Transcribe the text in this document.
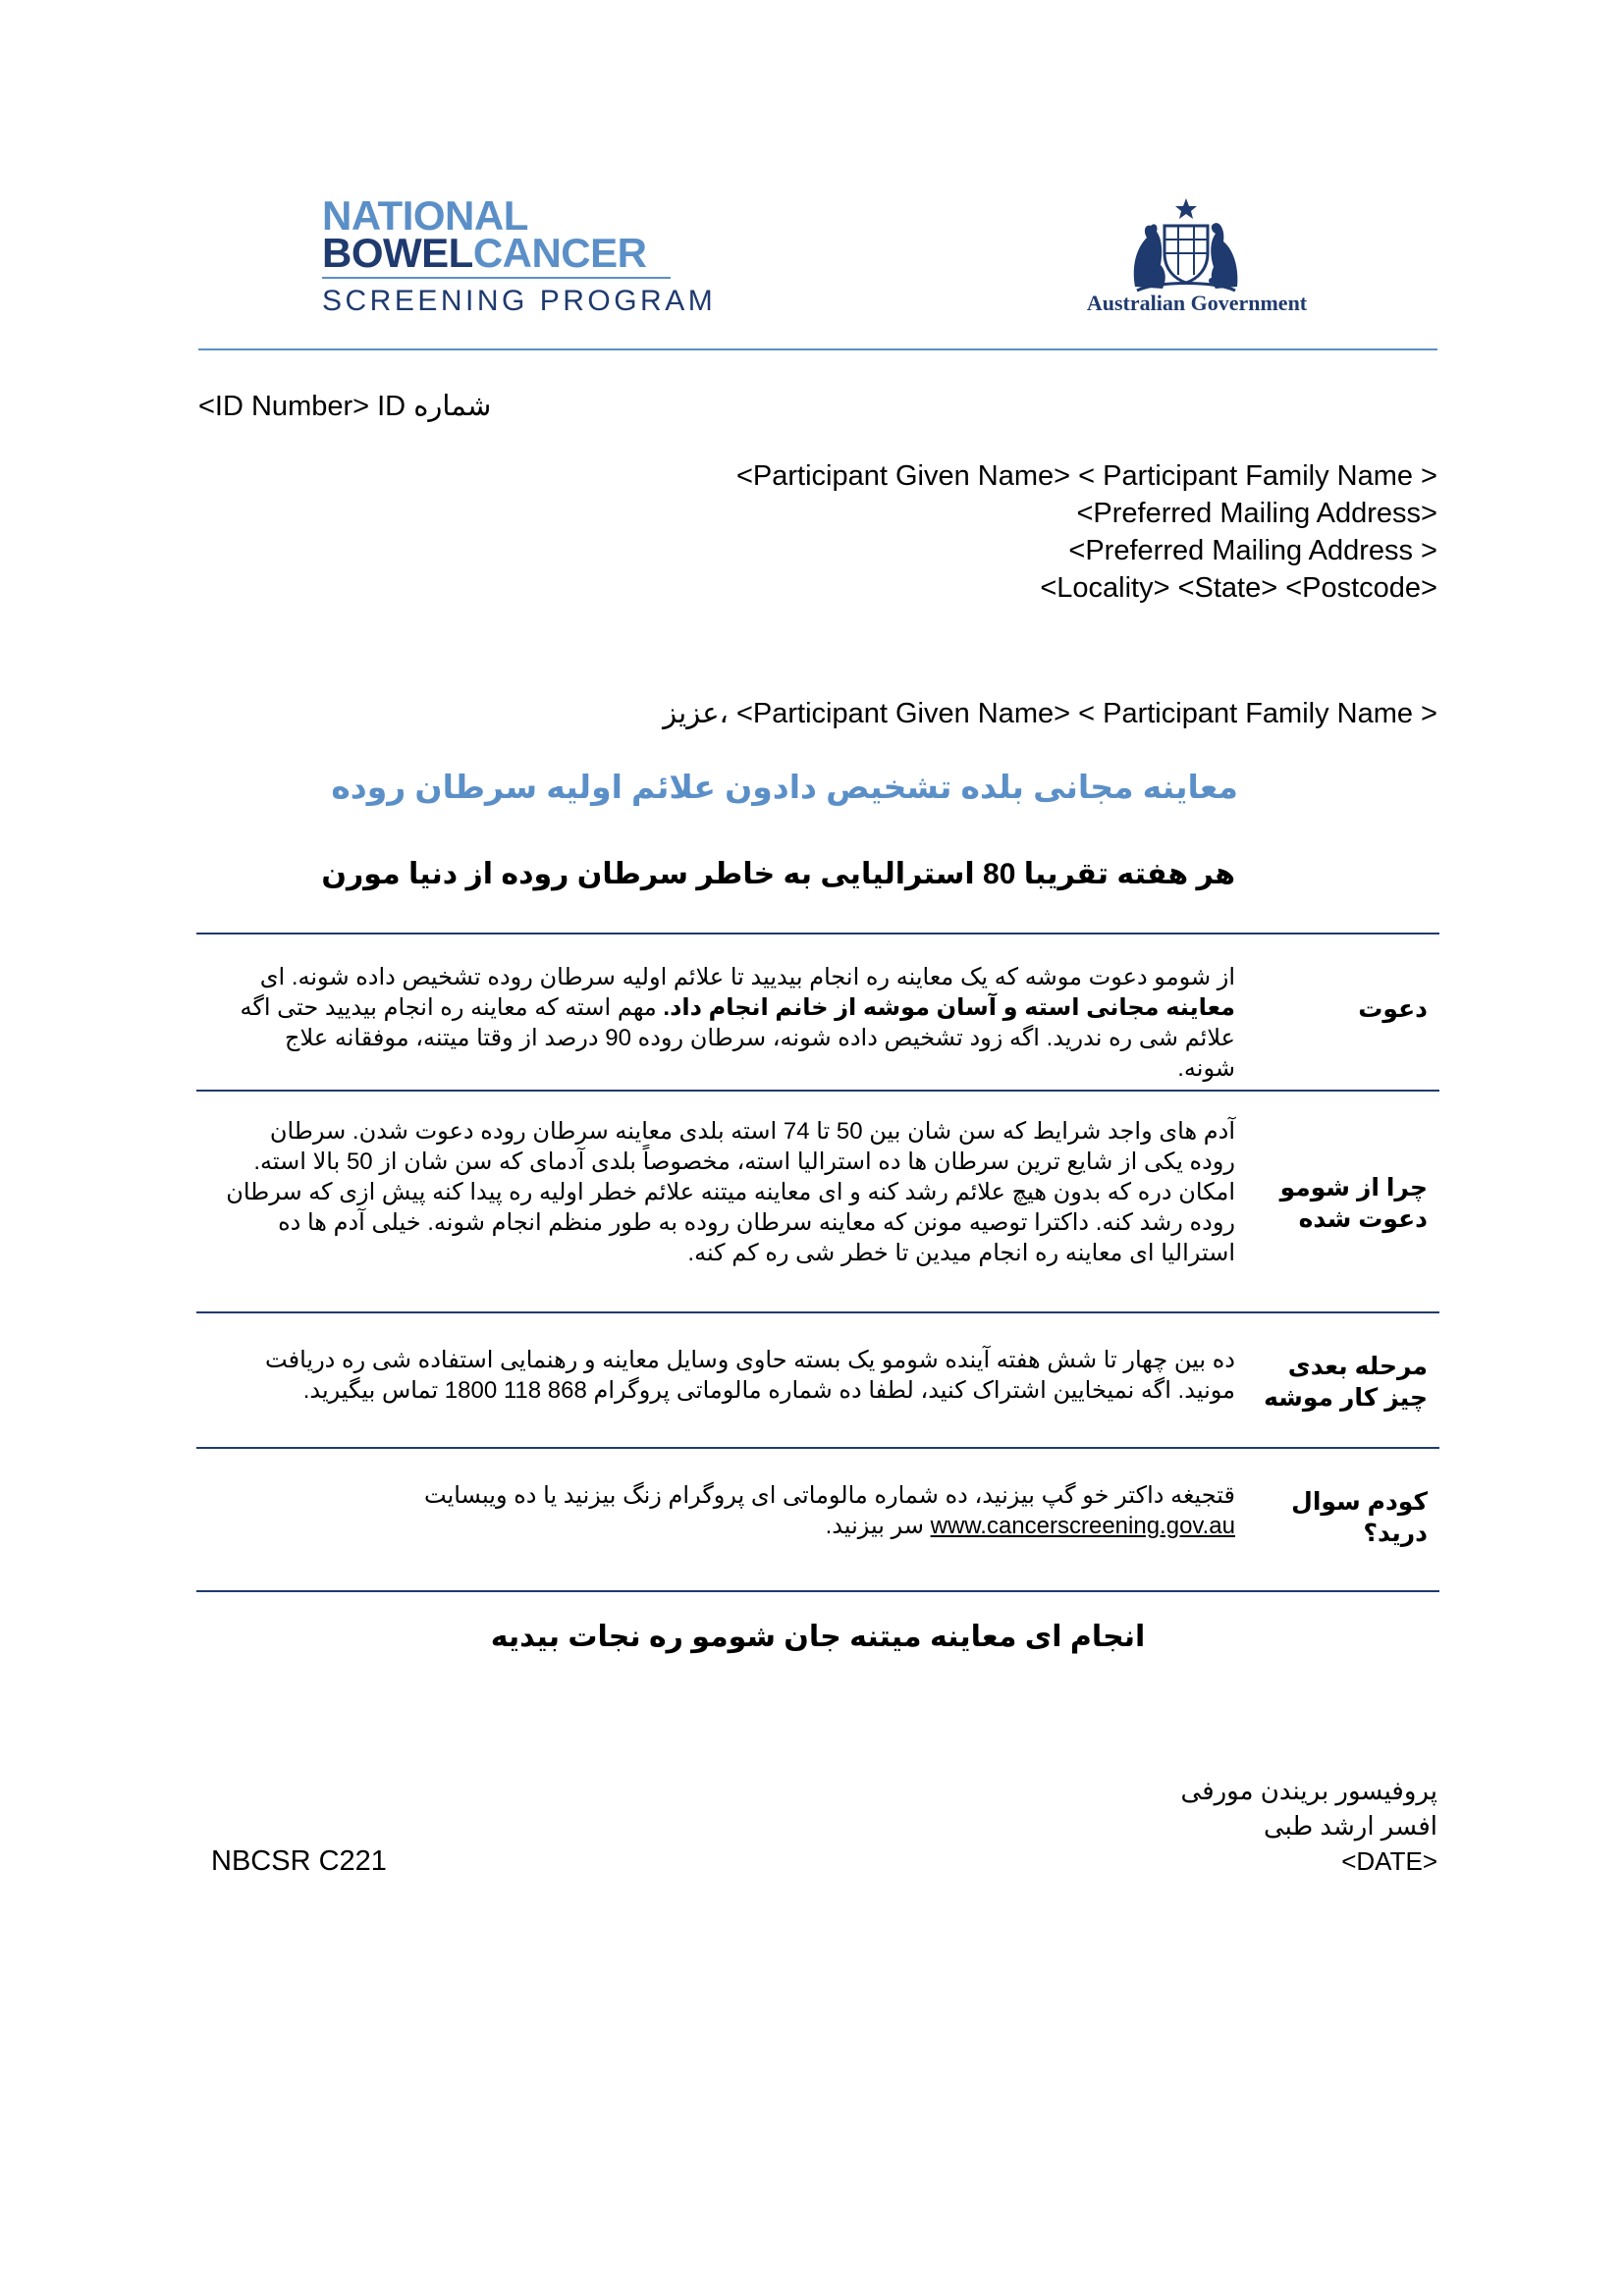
NATIONAL
BOWELCANCER
SCREENING PROGRAM	Australian Government
<ID Number> ID شماره
<Participant Given Name> < Participant Family Name >
<Preferred Mailing Address>
<Preferred Mailing Address >
<Locality> <State> <Postcode>
عزیز، <Participant Given Name> < Participant Family Name >
معاینه مجانی بلده تشخیص دادون علائم اولیه سرطان روده
هر هفته تقریبا 80 استرالیایی به خاطر سرطان روده از دنیا مورن
دعوت
از شومو دعوت موشه که یک معاینه ره انجام بیدیید تا علائم اولیه سرطان روده تشخیص داده شونه. ای معاینه مجانی استه و آسان موشه از خانم انجام داد. مهم استه که معاینه ره انجام بیدیید حتی اگه علائم شی ره ندرید. اگه زود تشخیص داده شونه، سرطان روده 90 درصد از وقتا میتنه، موفقانه علاج شونه.
چرا از شومو دعوت شده
آدم های واجد شرایط که سن شان بین 50 تا 74 استه بلدی معاینه سرطان روده دعوت شدن. سرطان روده یکی از شایع ترین سرطان ها ده استرالیا استه، مخصوصاً بلدی آدمای که سن شان از 50 بالا استه. امکان دره که بدون هیچ علائم رشد کنه و ای معاینه میتنه علائم خطر اولیه ره پیدا کنه پیش ازی که سرطان روده رشد کنه. داکترا توصیه مونن که معاینه سرطان روده به طور منظم انجام شونه. خیلی آدم ها ده استرالیا ای معاینه ره انجام میدین تا خطر شی ره کم کنه.
مرحله بعدی چیز کار موشه
ده بین چهار تا شش هفته آینده شومو یک بسته حاوی وسایل معاینه و رهنمایی استفاده شی ره دریافت مونید. اگه نمیخایین اشتراک کنید، لطفا ده شماره مالوماتی پروگرام 868 118 1800 تماس بیگیرید.
کودم سوال درید؟
قتجیغه داکتر خو گپ بیزنید، ده شماره مالوماتی ای پروگرام زنگ بیزنید یا ده ویبسایت www.cancerscreening.gov.au سر بیزنید.
انجام ای معاینه میتنه جان شومو ره نجات بیدیه
پروفیسور بریندن مورفی
افسر ارشد طبی
<DATE>
NBCSR C221
